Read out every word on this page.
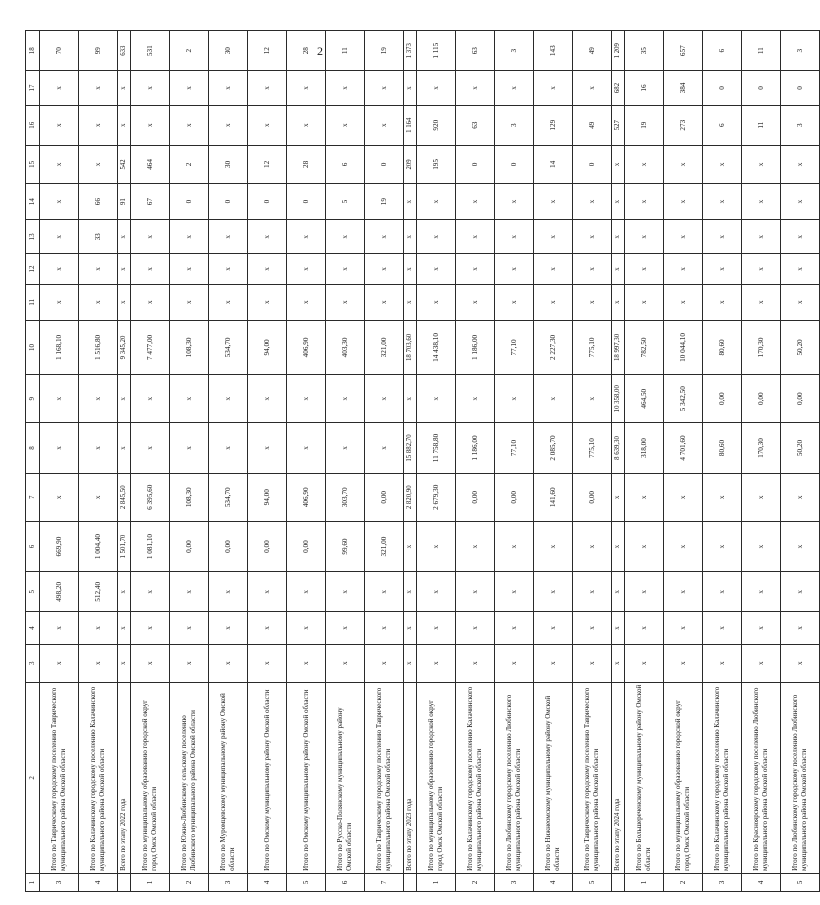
2
1	2	3	4	5	6	7	8	9	10	11	12	13	14	15	16	17	18
3	Итого по Таврическому городскому поселению Таврического муниципального района Омской области	x	x	498,20	669,90	x	x	x	1 168,10	x	x	x	x	x	x	x	70
4	Итого по Калачинскому городскому поселению Калачинского муниципального района Омской области	x	x	512,40	1 004,40	x	x	x	1 516,80	x	x	33	66	x	x	x	99
	Всего по этапу 2022 года	x	x	x	1 501,70	2 845,50	x	x	9 345,20	x	x	x	91	542	x	x	633
1	Итого по муниципальному образованию городской округ город Омск Омской области	x	x	x	1 081,10	6 395,60	x	x	7 477,00	x	x	x	67	464	x	x	531
2	Итого по Южно-Любинскому сельскому поселению Любинского муниципального района Омской области	x	x	x	0,00	108,30	x	x	108,30	x	x	x	0	2	x	x	2
3	Итого по Муромцевскому муниципальному району Омской области	x	x	x	0,00	534,70	x	x	534,70	x	x	x	0	30	x	x	30
4	Итого по Омскому муниципальному району Омской области	x	x	x	0,00	94,00	x	x	94,00	x	x	x	0	12	x	x	12
5	Итого по Омскому муниципальному району Омской области	x	x	x	0,00	406,90	x	x	406,90	x	x	x	0	28	x	x	28
6	Итого по Русско-Полянскому муниципальному району Омской области	x	x	x	99,60	303,70	x	x	403,30	x	x	x	5	6	x	x	11
7	Итого по Таврическому городскому поселению Таврического муниципального района Омской области	x	x	x	321,00	0,00	x	x	321,00	x	x	x	19	0	x	x	19
	Всего по этапу 2023 года	x	x	x	x	2 820,90	15 882,70	x	18 703,60	x	x	x	x	209	1 164	x	1 373
1	Итого по муниципальному образованию городской округ город Омск Омской области	x	x	x	x	2 679,30	11 758,80	x	14 438,10	x	x	x	x	195	920	x	1 115
2	Итого по Калачинскому городскому поселению Калачинского муниципального района Омской области	x	x	x	x	0,00	1 186,00	x	1 186,00	x	x	x	x	0	63	x	63
3	Итого по Любинскому городскому поселению Любинского муниципального района Омской области	x	x	x	x	0,00	77,10	x	77,10	x	x	x	x	0	3	x	3
4	Итого по Нижнеомскому муниципальному району Омской области	x	x	x	x	141,60	2 085,70	x	2 227,30	x	x	x	x	14	129	x	143
5	Итого по Таврическому городскому поселению Таврического муниципального района Омской области	x	x	x	x	0,00	775,10	x	775,10	x	x	x	x	0	49	x	49
	Всего по этапу 2024 года	x	x	x	x	x	8 639,30	10 358,00	18 997,30	x	x	x	x	x	527	682	1 209
1	Итого по Большереченскому муниципальному району Омской области	x	x	x	x	x	318,00	464,50	782,50	x	x	x	x	x	19	16	35
2	Итого по муниципальному образованию городской округ город Омск Омской области	x	x	x	x	x	4 701,60	5 342,50	10 044,10	x	x	x	x	x	273	384	657
3	Итого по Калачинскому городскому поселению Калачинского муниципального района Омской области	x	x	x	x	x	80,60	0,00	80,60	x	x	x	x	x	6	0	6
4	Итого по Красноярскому городскому поселению Любинского муниципального района Омской области	x	x	x	x	x	170,30	0,00	170,30	x	x	x	x	x	11	0	11
5	Итого по Любинскому городскому поселению Любинского муниципального района Омской области	x	x	x	x	x	50,20	0,00	50,20	x	x	x	x	x	3	0	3
